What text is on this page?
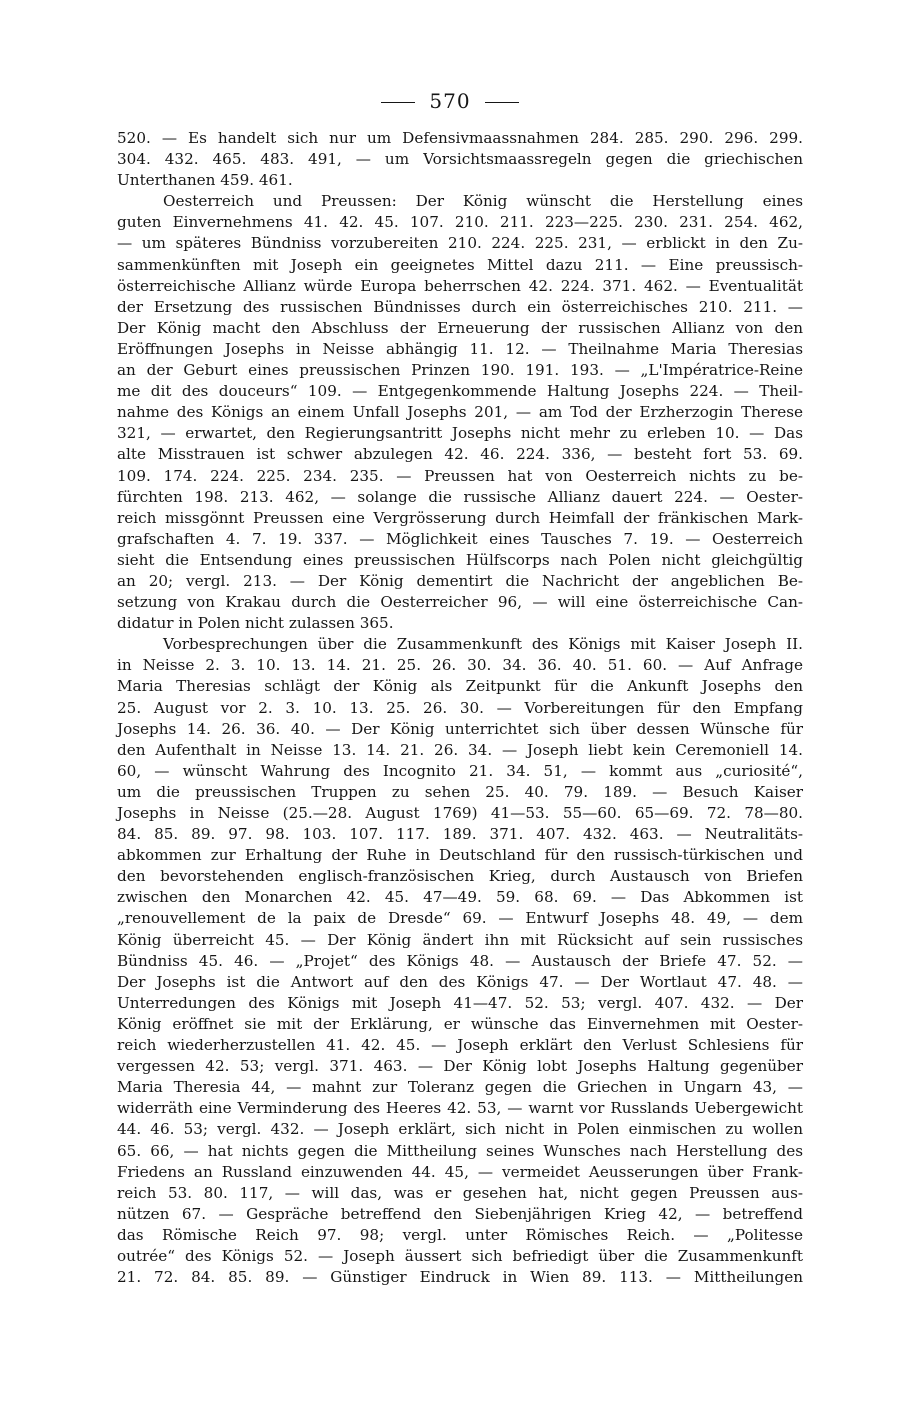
570
520. — Es handelt sich nur um Defensivmaassnahmen 284. 285. 290. 296. 299.
304. 432. 465. 483. 491, — um Vorsichtsmaassregeln gegen die griechischen
Unterthanen 459. 461.
Oesterreich und Preussen: Der König wünscht die Herstellung eines
guten Einvernehmens 41. 42. 45. 107. 210. 211. 223—225. 230. 231. 254. 462,
— um späteres Bündniss vorzubereiten 210. 224. 225. 231, — erblickt in den Zu-
sammenkünften mit Joseph ein geeignetes Mittel dazu 211. — Eine preussisch-
österreichische Allianz würde Europa beherrschen 42. 224. 371. 462. — Eventualität
der Ersetzung des russischen Bündnisses durch ein österreichisches 210. 211. —
Der König macht den Abschluss der Erneuerung der russischen Allianz von den
Eröffnungen Josephs in Neisse abhängig 11. 12. — Theilnahme Maria Theresias
an der Geburt eines preussischen Prinzen 190. 191. 193. — „L'Impératrice-Reine
me dit des douceurs“ 109. — Entgegenkommende Haltung Josephs 224. — Theil-
nahme des Königs an einem Unfall Josephs 201, — am Tod der Erzherzogin Therese
321, — erwartet, den Regierungsantritt Josephs nicht mehr zu erleben 10. — Das
alte Misstrauen ist schwer abzulegen 42. 46. 224. 336, — besteht fort 53. 69.
109. 174. 224. 225. 234. 235. — Preussen hat von Oesterreich nichts zu be-
fürchten 198. 213. 462, — solange die russische Allianz dauert 224. — Oester-
reich missgönnt Preussen eine Vergrösserung durch Heimfall der fränkischen Mark-
grafschaften 4. 7. 19. 337. — Möglichkeit eines Tausches 7. 19. — Oesterreich
sieht die Entsendung eines preussischen Hülfscorps nach Polen nicht gleichgültig
an 20; vergl. 213. — Der König dementirt die Nachricht der angeblichen Be-
setzung von Krakau durch die Oesterreicher 96, — will eine österreichische Can-
didatur in Polen nicht zulassen 365.
Vorbesprechungen über die Zusammenkunft des Königs mit Kaiser Joseph II.
in Neisse 2. 3. 10. 13. 14. 21. 25. 26. 30. 34. 36. 40. 51. 60. — Auf Anfrage
Maria Theresias schlägt der König als Zeitpunkt für die Ankunft Josephs den
25. August vor 2. 3. 10. 13. 25. 26. 30. — Vorbereitungen für den Empfang
Josephs 14. 26. 36. 40. — Der König unterrichtet sich über dessen Wünsche für
den Aufenthalt in Neisse 13. 14. 21. 26. 34. — Joseph liebt kein Ceremoniell 14.
60, — wünscht Wahrung des Incognito 21. 34. 51, — kommt aus „curiosité“,
um die preussischen Truppen zu sehen 25. 40. 79. 189. — Besuch Kaiser
Josephs in Neisse (25.—28. August 1769) 41—53. 55—60. 65—69. 72. 78—80.
84. 85. 89. 97. 98. 103. 107. 117. 189. 371. 407. 432. 463. — Neutralitäts-
abkommen zur Erhaltung der Ruhe in Deutschland für den russisch-türkischen und
den bevorstehenden englisch-französischen Krieg, durch Austausch von Briefen
zwischen den Monarchen 42. 45. 47—49. 59. 68. 69. — Das Abkommen ist
„renouvellement de la paix de Dresde“ 69. — Entwurf Josephs 48. 49, — dem
König überreicht 45. — Der König ändert ihn mit Rücksicht auf sein russisches
Bündniss 45. 46. — „Projet“ des Königs 48. — Austausch der Briefe 47. 52. —
Der Josephs ist die Antwort auf den des Königs 47. — Der Wortlaut 47. 48. —
Unterredungen des Königs mit Joseph 41—47. 52. 53; vergl. 407. 432. — Der
König eröffnet sie mit der Erklärung, er wünsche das Einvernehmen mit Oester-
reich wiederherzustellen 41. 42. 45. — Joseph erklärt den Verlust Schlesiens für
vergessen 42. 53; vergl. 371. 463. — Der König lobt Josephs Haltung gegenüber
Maria Theresia 44, — mahnt zur Toleranz gegen die Griechen in Ungarn 43, —
widerräth eine Verminderung des Heeres 42. 53, — warnt vor Russlands Uebergewicht
44. 46. 53; vergl. 432. — Joseph erklärt, sich nicht in Polen einmischen zu wollen
65. 66, — hat nichts gegen die Mittheilung seines Wunsches nach Herstellung des
Friedens an Russland einzuwenden 44. 45, — vermeidet Aeusserungen über Frank-
reich 53. 80. 117, — will das, was er gesehen hat, nicht gegen Preussen aus-
nützen 67. — Gespräche betreffend den Siebenjährigen Krieg 42, — betreffend
das Römische Reich 97. 98; vergl. unter Römisches Reich. — „Politesse
outrée“ des Königs 52. — Joseph äussert sich befriedigt über die Zusammenkunft
21. 72. 84. 85. 89. — Günstiger Eindruck in Wien 89. 113. — Mittheilungen
